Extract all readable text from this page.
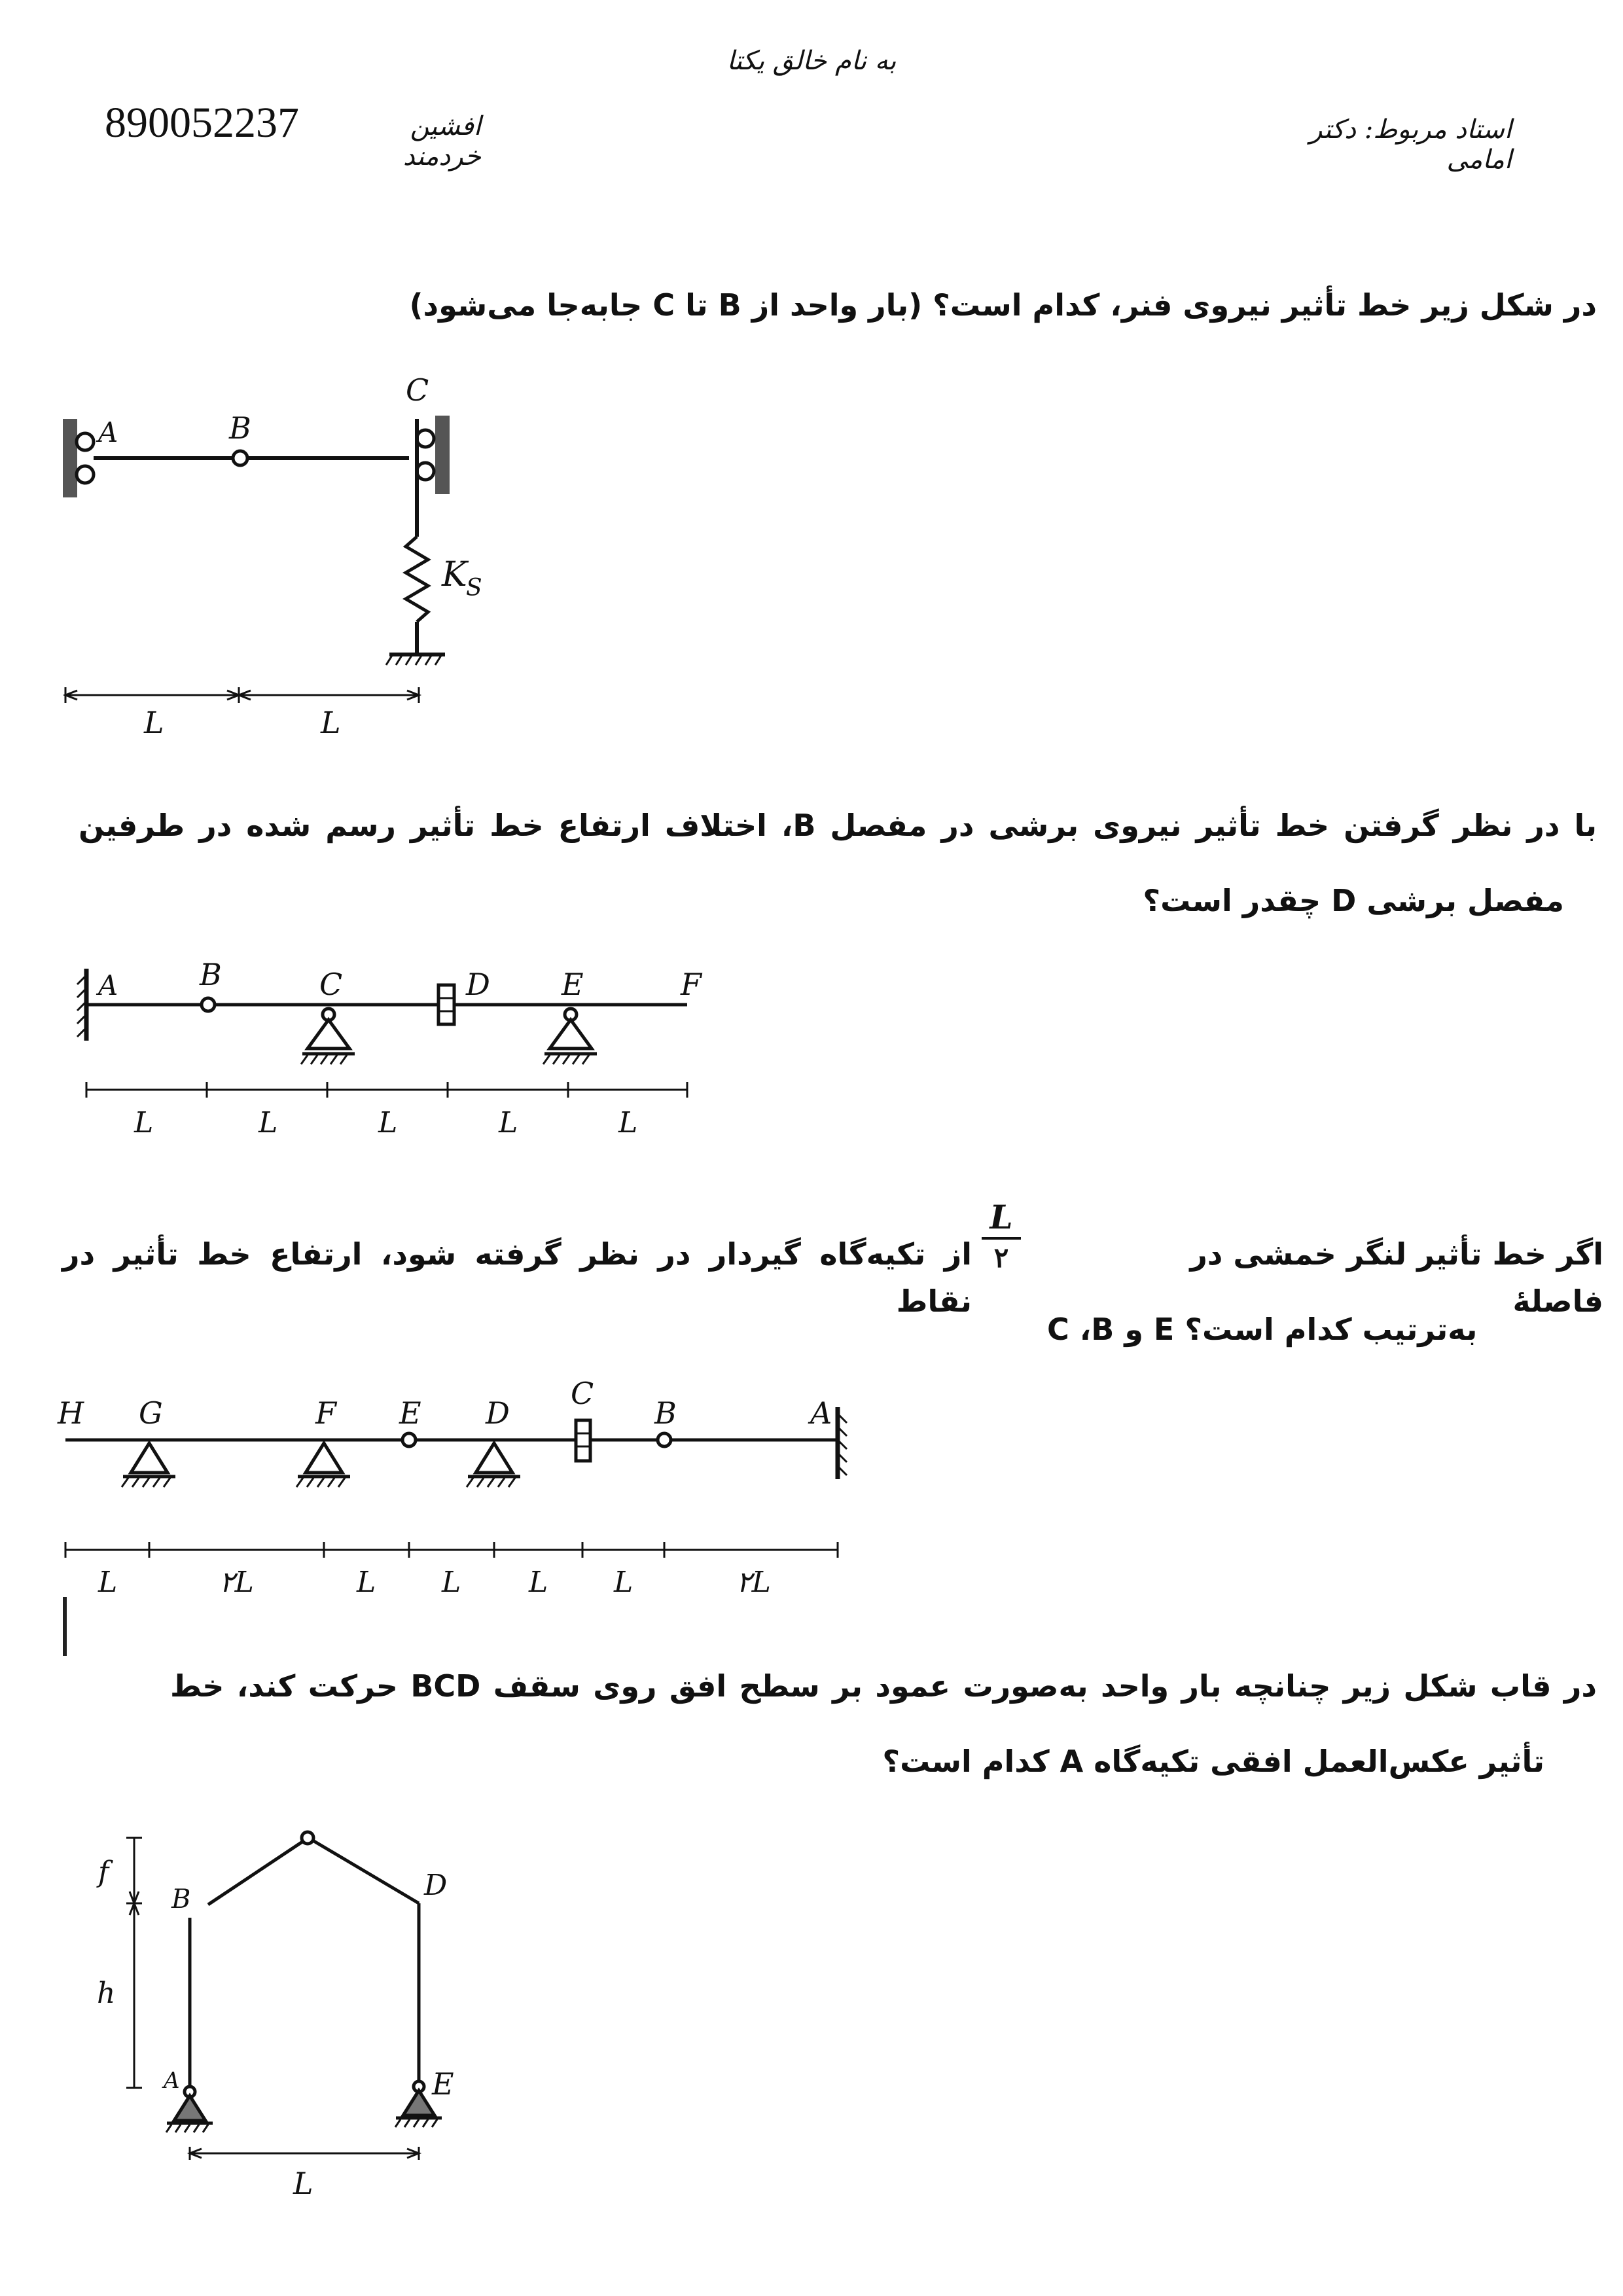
به نام خالق یکتا
890052237	افشین خردمند
استاد مربوط: دکتر امامی
در شکل زیر خط تأثیر نیروی فنر، کدام است؟ (بار واحد از B تا C جابه‌جا می‌شود)
A	B
C
K
S
L	L
با در نظر گرفتن خط تأثیر نیروی برشی در مفصل B، اختلاف ارتفاع خط تأثیر رسم شده در طرفین
مفصل برشی D چقدر است؟
A	B	C	D E	F
L	L	L	L	L
اگر خط تأثیر لنگر خمشی در فاصلهٔ
L
۲
از تکیه‌گاه گیردار در نظر گرفته شود، ارتفاع خط تأثیر در نقاط
C ،B و E به‌ترتیب کدام است؟
H G	F E D
C
B	A
L	۲L	L L L L	۲L
در قاب شکل زیر چنانچه بار واحد به‌صورت عمود بر سطح افق روی سقف BCD حرکت کند، خط
تأثیر عکس‌العمل افقی تکیه‌گاه A کدام است؟
B	D
A	E
f
h
L
